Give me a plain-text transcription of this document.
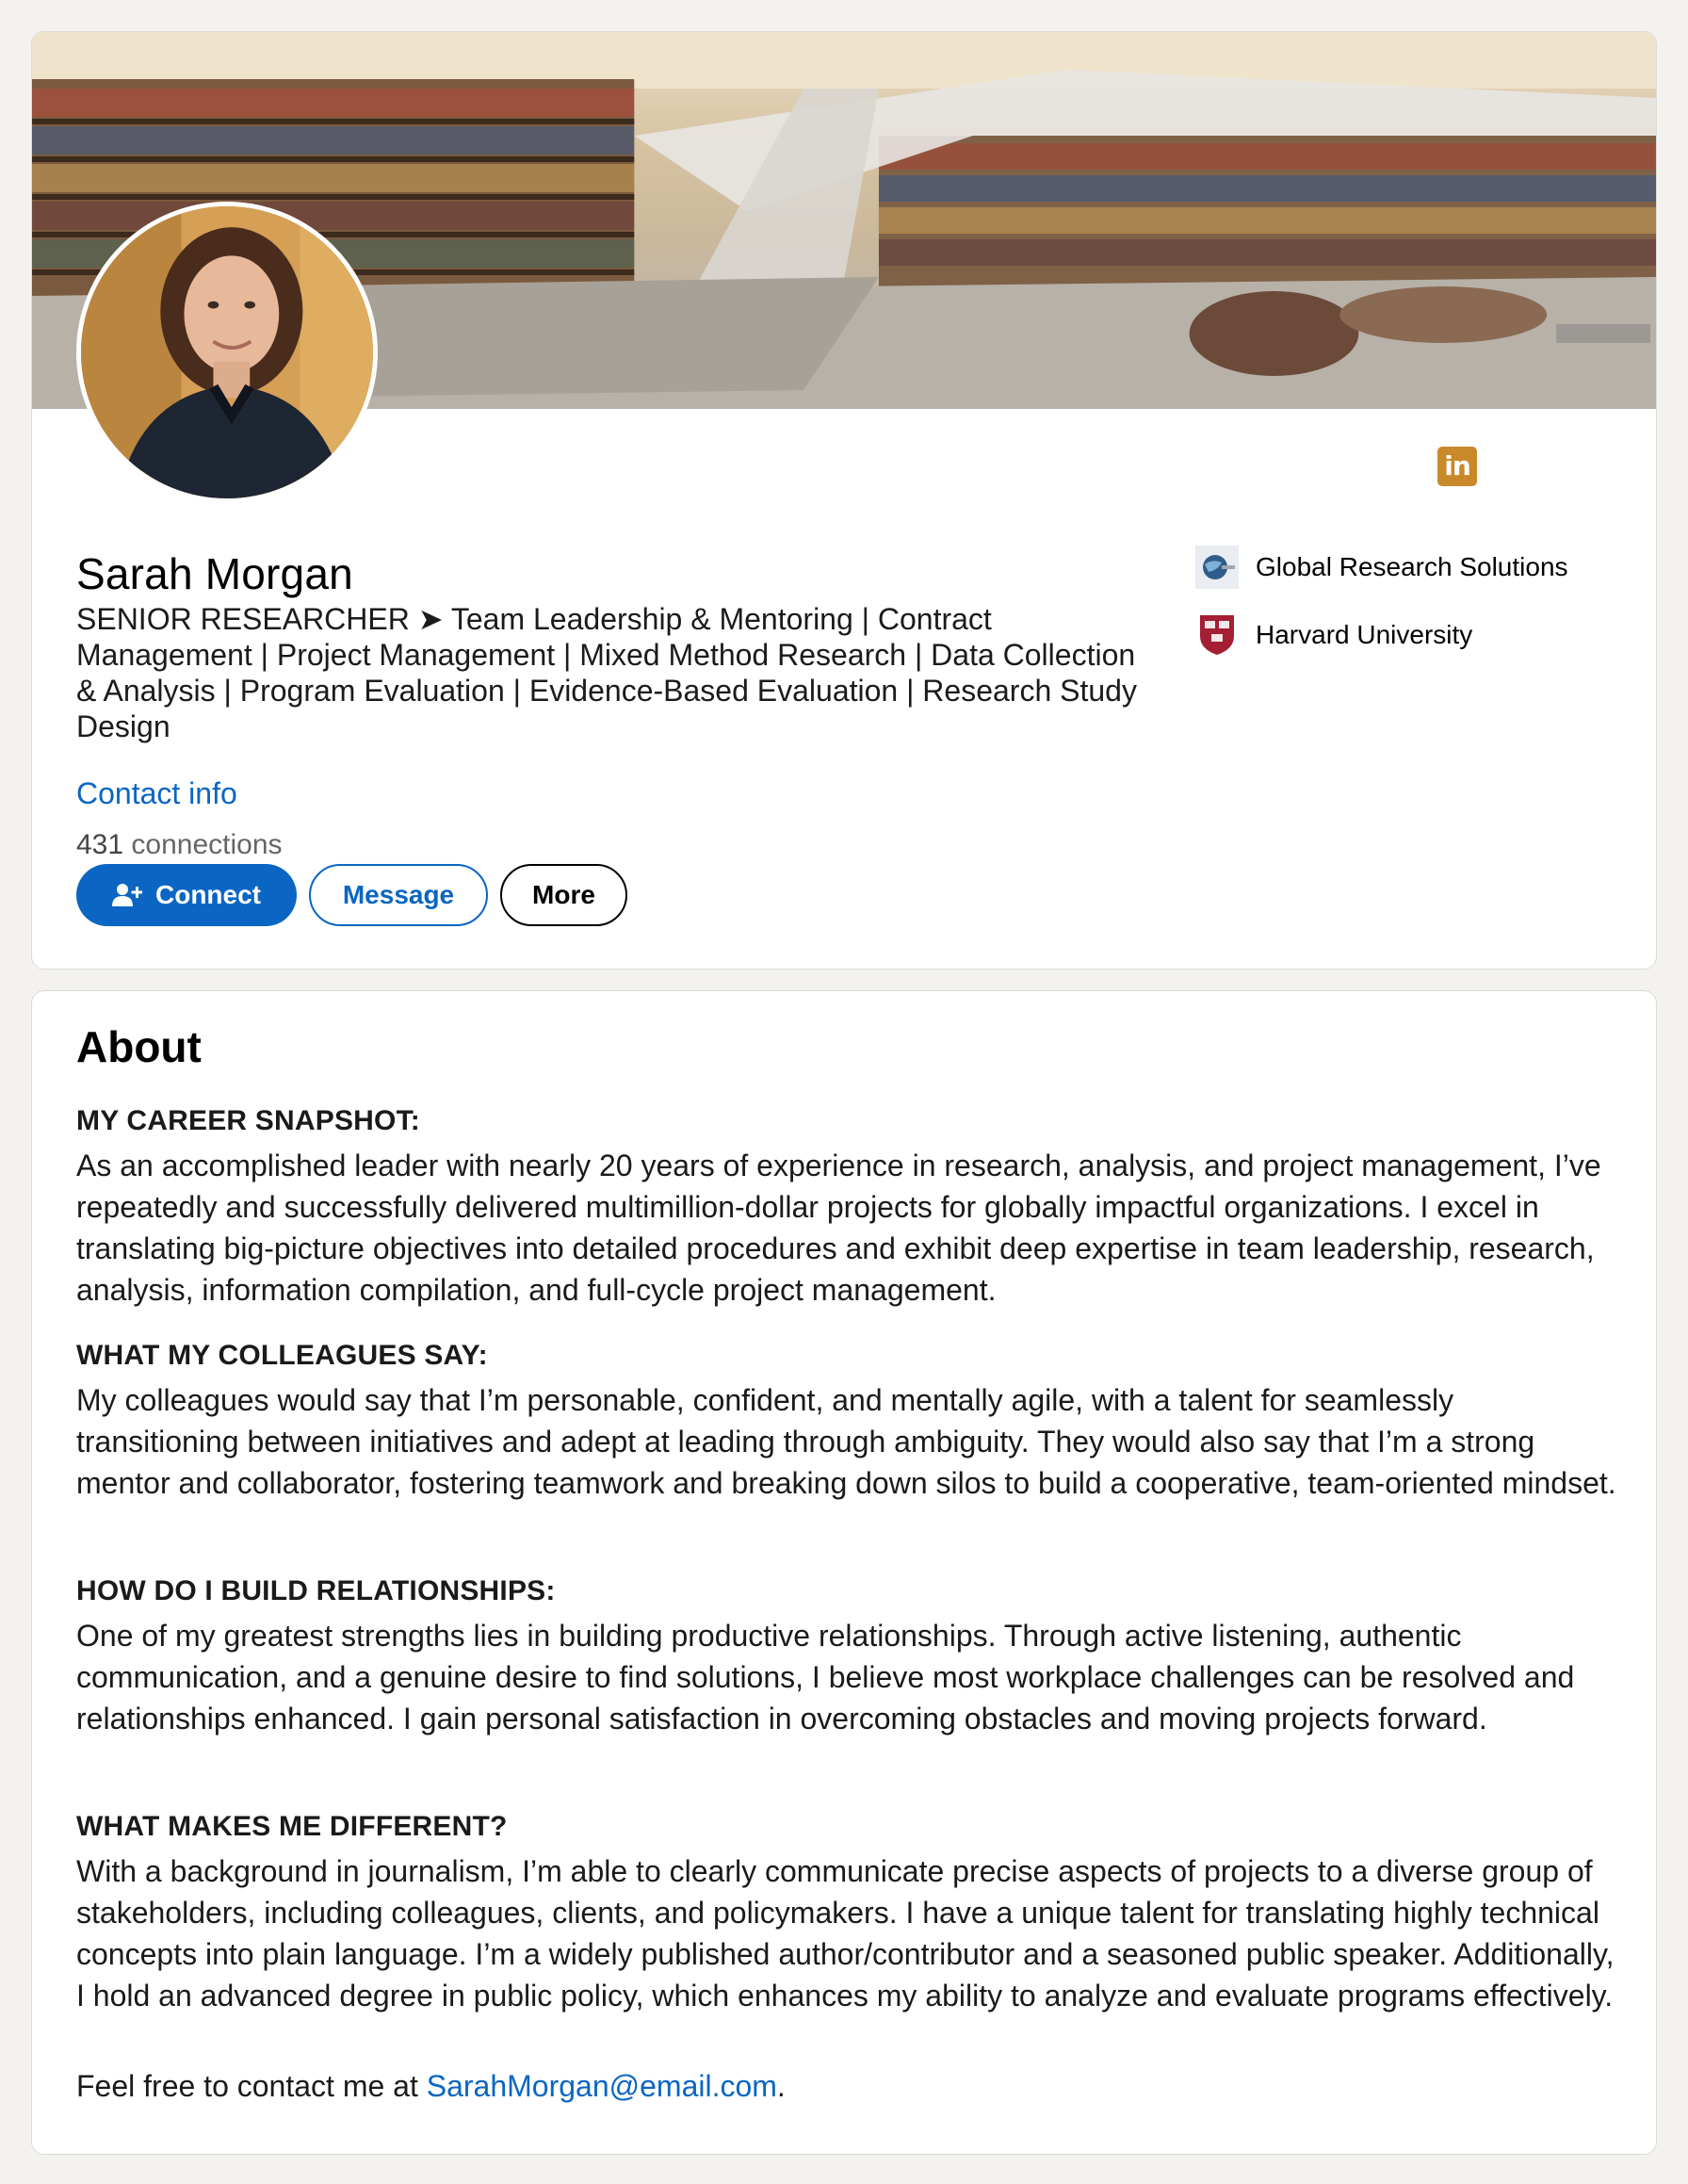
in
Sarah Morgan
SENIOR RESEARCHER ➤ Team Leadership & Mentoring | Contract Management | Project Management | Mixed Method Research | Data Collection & Analysis | Program Evaluation | Evidence-Based Evaluation | Research Study Design
Contact info
431 connections
Connect	Message	More
Global Research Solutions
Harvard University
About
MY CAREER SNAPSHOT:

As an accomplished leader with nearly 20 years of experience in research, analysis, and project management, I’ve repeatedly and successfully delivered multimillion-dollar projects for globally impactful organizations. I excel in translating big-picture objectives into detailed procedures and exhibit deep expertise in team leadership, research, analysis, information compilation, and full-cycle project management.

WHAT MY COLLEAGUES SAY:

My colleagues would say that I’m personable, confident, and mentally agile, with a talent for seamlessly transitioning between initiatives and adept at leading through ambiguity. They would also say that I’m a strong mentor and collaborator, fostering teamwork and breaking down silos to build a cooperative, team-oriented mindset.

HOW DO I BUILD RELATIONSHIPS:

One of my greatest strengths lies in building productive relationships. Through active listening, authentic communication, and a genuine desire to find solutions, I believe most workplace challenges can be resolved and relationships enhanced. I gain personal satisfaction in overcoming obstacles and moving projects forward.

WHAT MAKES ME DIFFERENT?

With a background in journalism, I’m able to clearly communicate precise aspects of projects to a diverse group of stakeholders, including colleagues, clients, and policymakers. I have a unique talent for translating highly technical concepts into plain language. I’m a widely published author/contributor and a seasoned public speaker. Additionally, I hold an advanced degree in public policy, which enhances my ability to analyze and evaluate programs effectively.

Feel free to contact me at SarahMorgan@email.com.
